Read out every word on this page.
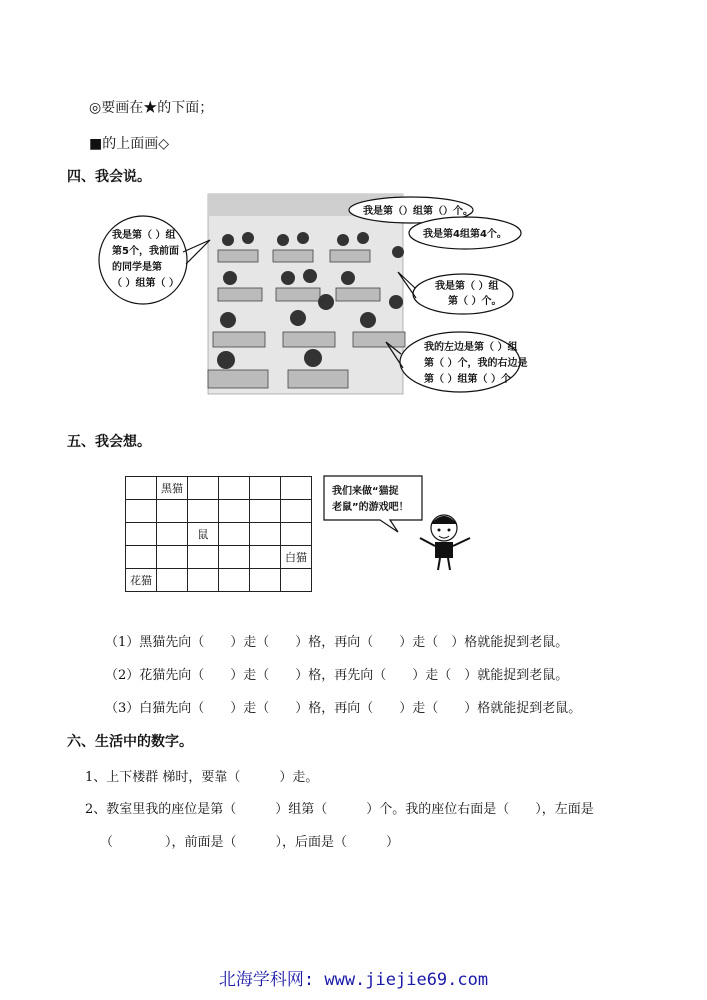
◎要画在★的下面；
■的上面画◇
四、我会说。
我是第（ ）组
第5个，我前面
的同学是第
（ ）组第（ ）
我是第（）组第（）个。
我是第4组第4个。
我是第（ ）组
第（ ）个。
我的左边是第（ ）组
第（ ）个，我的右边是
第（ ）组第（ ）个
五、我会想。
	黑猫				

		鼠			
					白猫
花猫					
我们来做“猫捉
老鼠”的游戏吧！
（1）黑猫先向（　　）走（　　）格，再向（　　）走（　）格就能捉到老鼠。
（2）花猫先向（　　）走（　　）格，再先向（　　）走（　）就能捉到老鼠。
（3）白猫先向（　　）走（　　）格，再向（　　）走（　　）格就能捉到老鼠。
六、生活中的数字。
1、上下楼群 梯时，要靠（　　　）走。
2、教室里我的座位是第（　　　）组第（　　　）个。我的座位右面是（　　），左面是
（　　　　），前面是（　　　），后面是（　　　）
北海学科网: www.jiejie69.com
